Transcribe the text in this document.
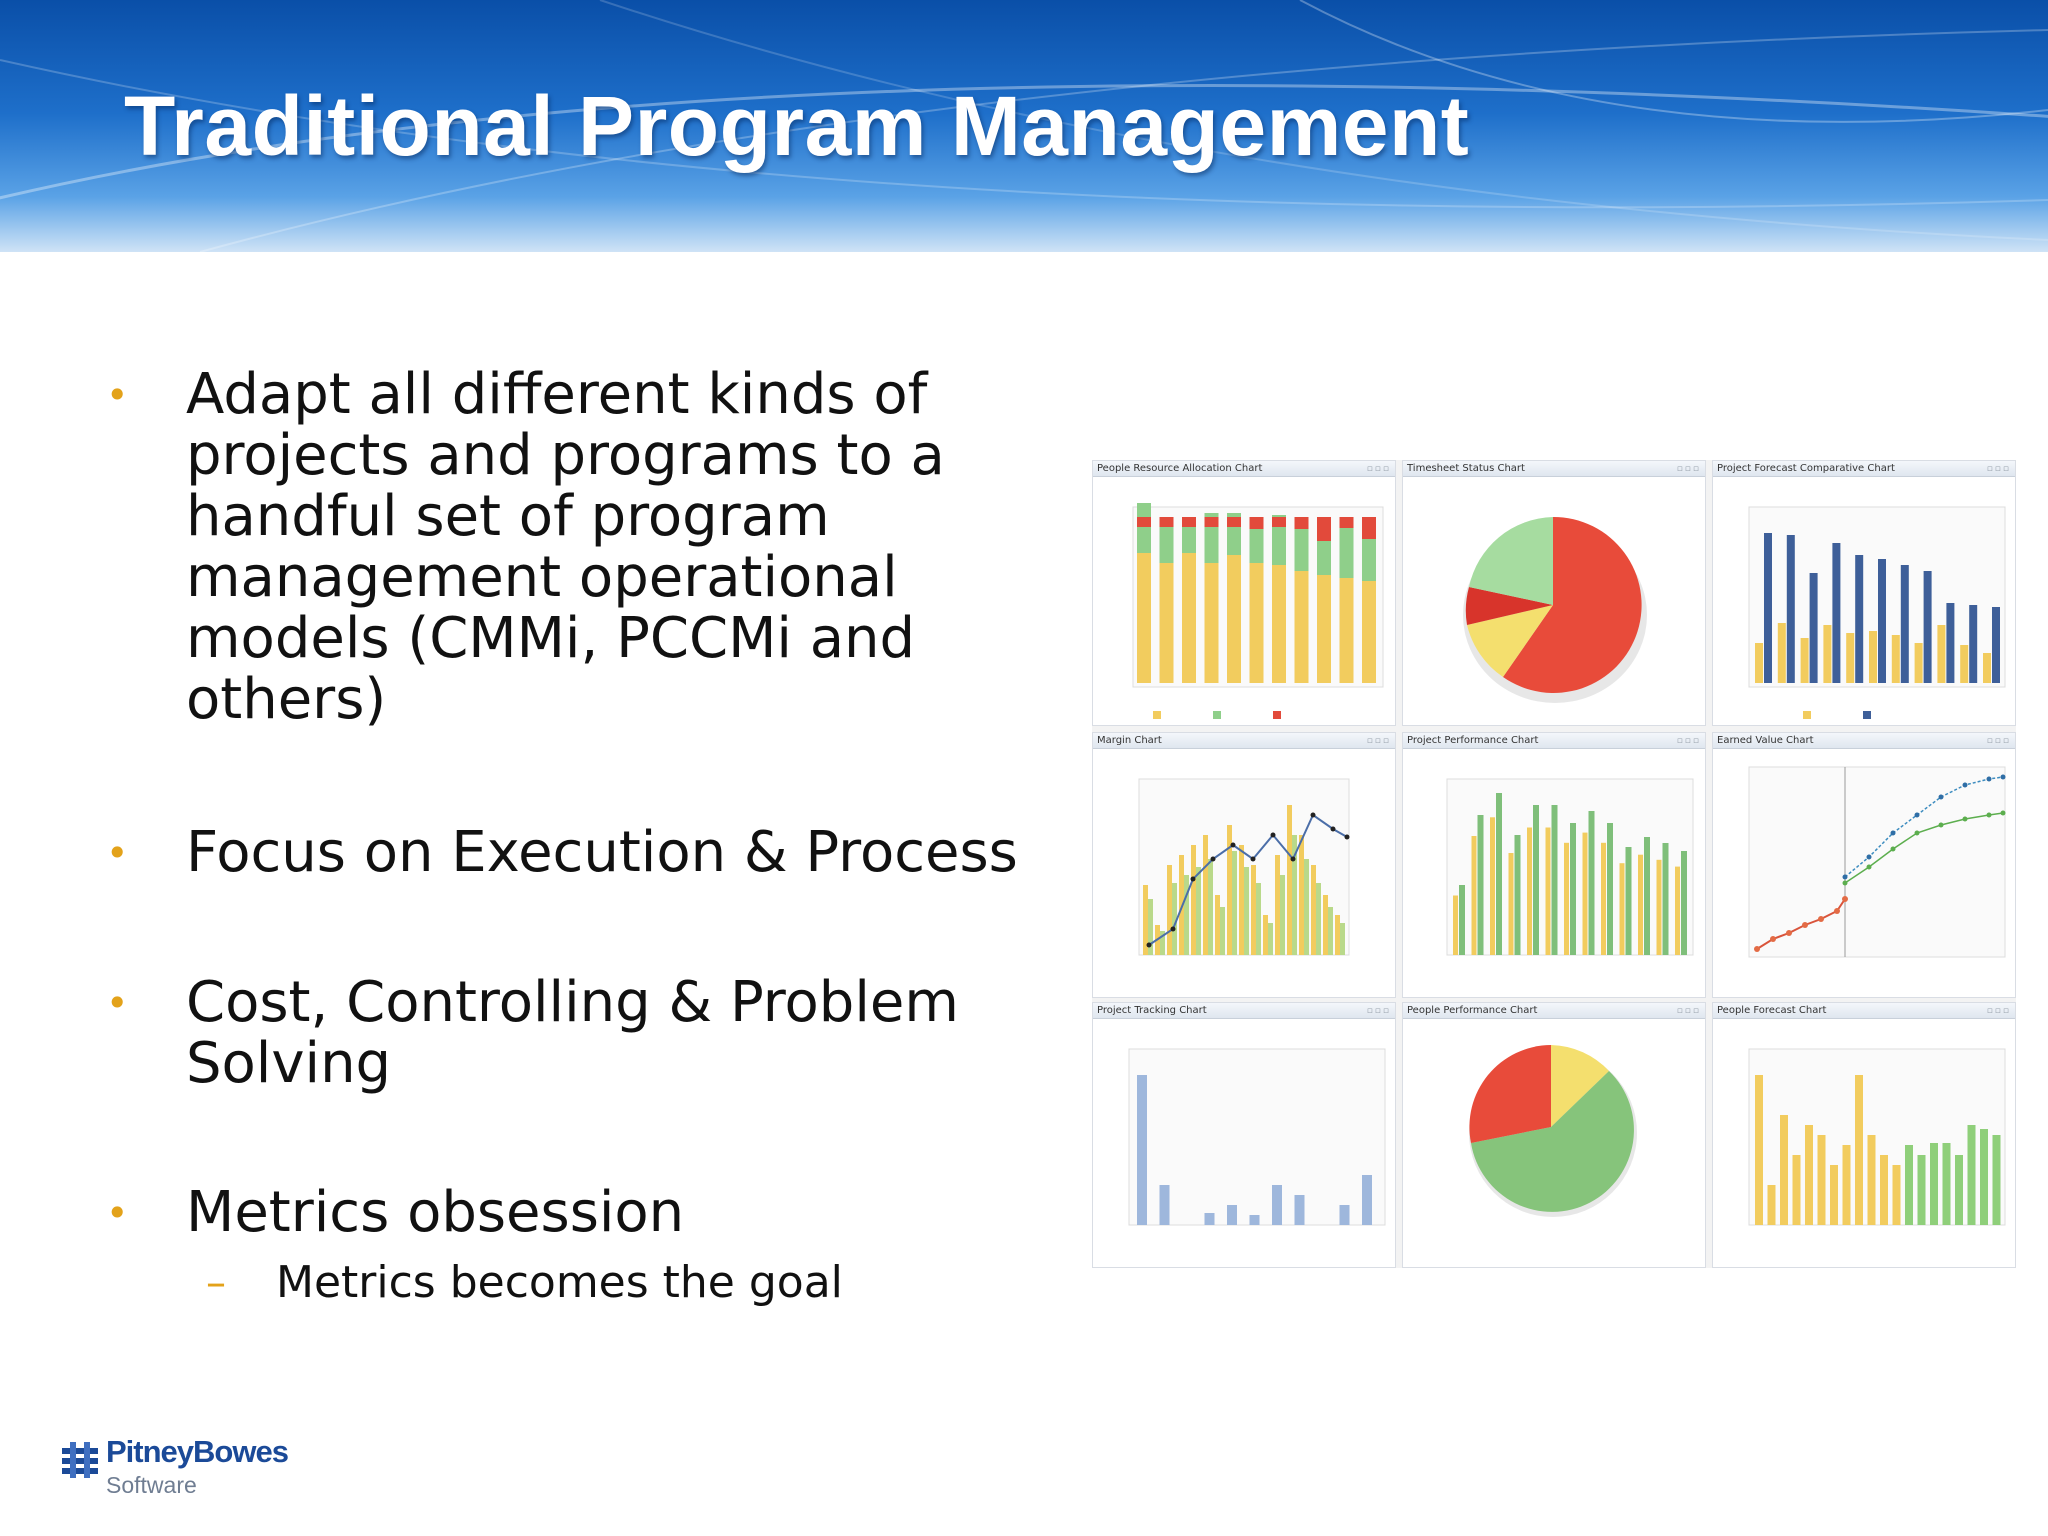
Traditional Program Management
• Adapt all different kinds of
projects and programs to a
handful set of program
management operational
models (CMMi, PCCMi and
others)
• Focus on Execution & Process
• Cost, Controlling & Problem
Solving
• Metrics obsession
– Metrics becomes the goal
People Resource Allocation Chart	▫▫▫	Timesheet Status Chart	▫▫▫	Project Forecast Comparative Chart	▫▫▫
Margin Chart	▫▫▫	Project Performance Chart	▫▫▫	Earned Value Chart	▫▫▫
Project Tracking Chart	▫▫▫	People Performance Chart	▫▫▫	People Forecast Chart	▫▫▫
PitneyBowes
Software
